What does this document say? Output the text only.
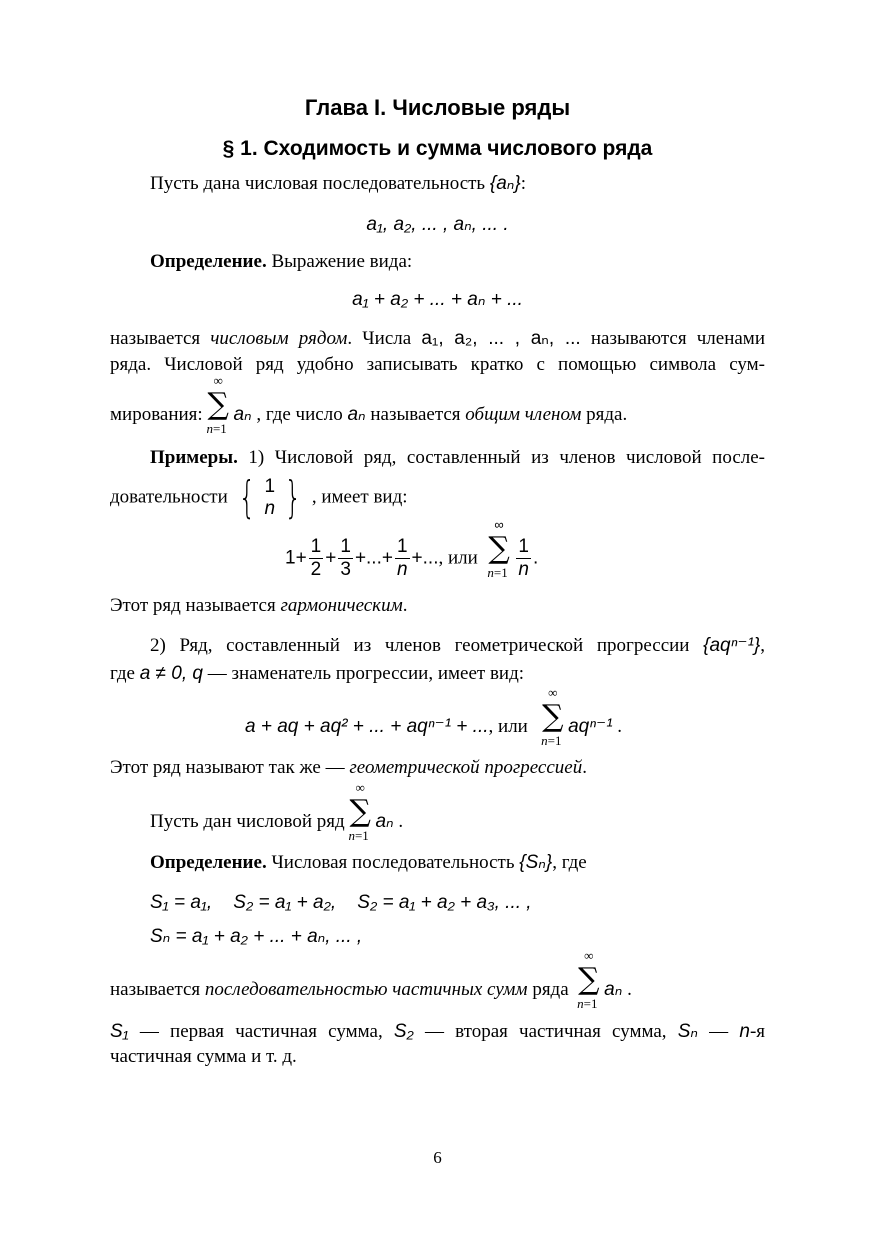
Глава I. Числовые ряды
§ 1. Сходимость и сумма числового ряда
Пусть дана числовая последовательность {aₙ}:
a₁, a₂, ... , aₙ, ... .
Определение. Выражение вида:
a₁ + a₂ + ... + aₙ + ...
называется числовым рядом. Числа a₁, a₂, ... , aₙ, ... называются членами
ряда. Числовой ряд удобно записывать кратко с помощью символа сум-
мирования:
∞
∑
n=1
aₙ , где число aₙ называется общим членом ряда.
Примеры. 1) Числовой ряд, составленный из членов числовой после-
довательности { 1
n } , имеет вид:
$1+ \frac{1}{2} + \frac{1}{3}$ +...+ $\frac{1}{n}$ +..., или
∞
∑
$n=1 \frac{1}{n}$ .
Этот ряд называется гармоническим.
2) Ряд, составленный из членов геометрической прогрессии {aqⁿ⁻¹},
где a ≠ 0, q — знаменатель прогрессии, имеет вид:
a + aq + aq² + ... + aqⁿ⁻¹ + ..., или
∞
∑
n=1
aqⁿ⁻¹ .
Этот ряд называют так же — геометрической прогрессией.
Пусть дан числовой ряд
∞
∑
n=1
aₙ .
Определение. Числовая последовательность {Sₙ}, где
S₁ = a₁,    S₂ = a₁ + a₂,    S₂ = a₁ + a₂ + a₃, ... ,
Sₙ = a₁ + a₂ + ... + aₙ, ... ,
называется последовательностью частичных сумм ряда
∞
∑
n=1
aₙ .
S₁ — первая частичная сумма, S₂ — вторая частичная сумма, Sₙ — n-я
частичная сумма и т. д.
6
